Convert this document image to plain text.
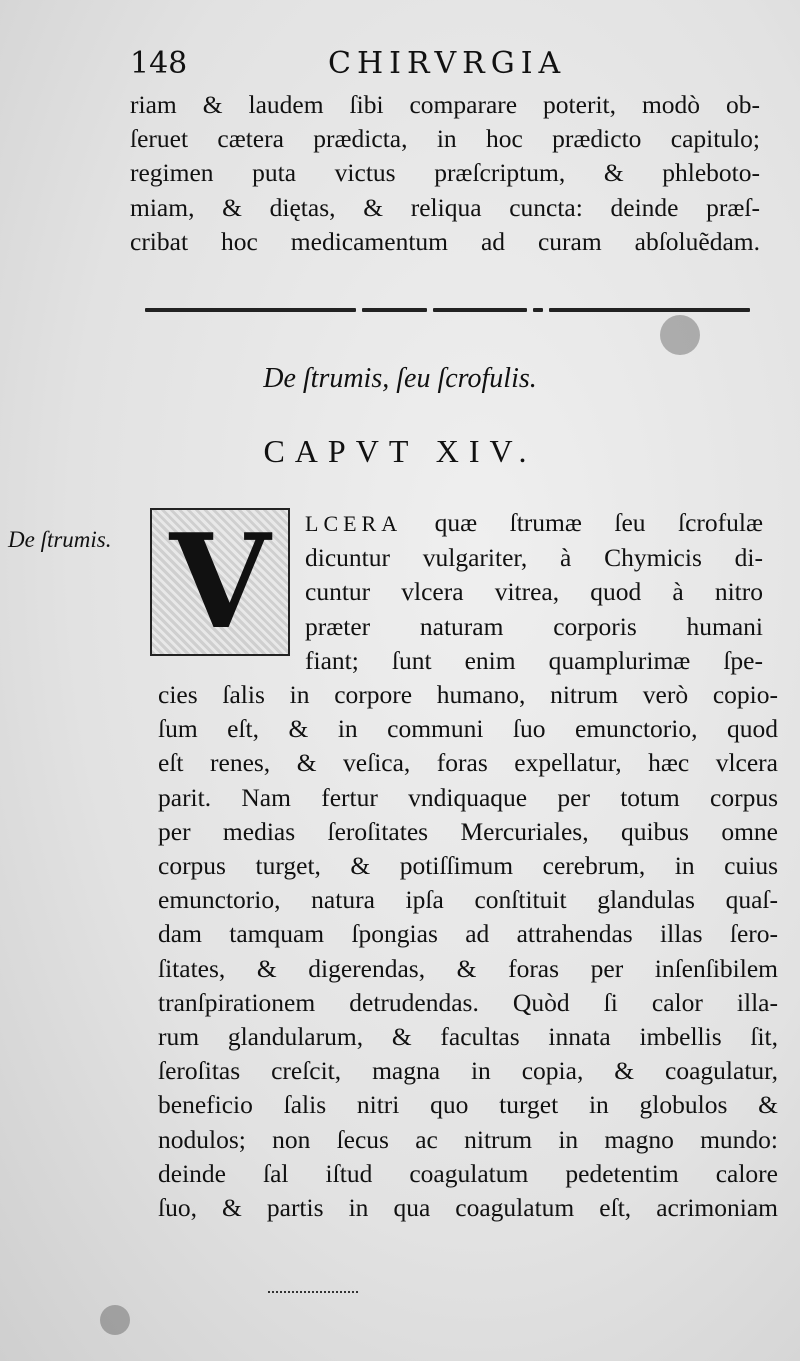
148	CHIRVRGIA
riam & laudem ſibi comparare poterit, modò ob-
ſeruet cætera prædicta, in hoc prædicto capitulo;
regimen puta victus præſcriptum, & phleboto-
miam, & diętas, & reliqua cuncta: deinde præſ-
cribat hoc medicamentum ad curam abſoluẽdam.
De ſtrumis, ſeu ſcrofulis.
CAPVT XIV.
De ſtrumis. V	LCERA quæ ſtrumæ ſeu ſcrofulæ
dicuntur vulgariter, à Chymicis di-
cuntur vlcera vitrea, quod à nitro
præter naturam corporis humani
fiant; ſunt enim quamplurimæ ſpe-
cies ſalis in corpore humano, nitrum verò copio-
ſum eſt, & in communi ſuo emunctorio, quod
eſt renes, & veſica, foras expellatur, hæc vlcera
parit. Nam fertur vndiquaque per totum corpus
per medias ſeroſitates Mercuriales, quibus omne
corpus turget, & potiſſimum cerebrum, in cuius
emunctorio, natura ipſa conſtituit glandulas quaſ-
dam tamquam ſpongias ad attrahendas illas ſero-
ſitates, & digerendas, & foras per inſenſibilem
tranſpirationem detrudendas. Quòd ſi calor illa-
rum glandularum, & facultas innata imbellis ſit,
ſeroſitas creſcit, magna in copia, & coagulatur,
beneficio ſalis nitri quo turget in globulos &
nodulos; non ſecus ac nitrum in magno mundo:
deinde ſal iſtud coagulatum pedetentim calore
ſuo, & partis in qua coagulatum eſt, acrimoniam
